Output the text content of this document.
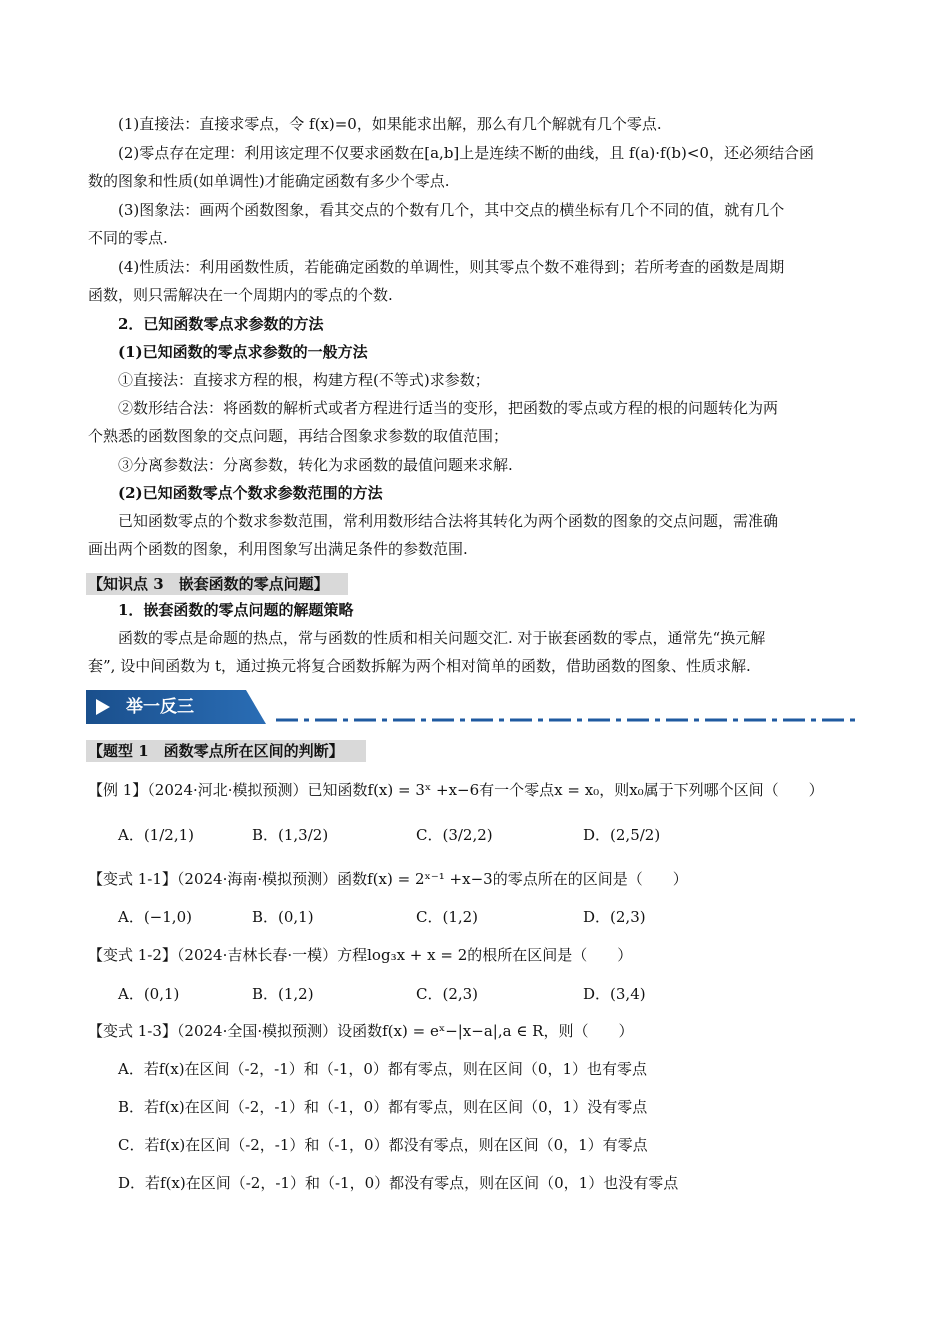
(1)直接法：直接求零点，令 f(x)=0，如果能求出解，那么有几个解就有几个零点.
(2)零点存在定理：利用该定理不仅要求函数在[a,b]上是连续不断的曲线，且 f(a)·f(b)<0，还必须结合函
数的图象和性质(如单调性)才能确定函数有多少个零点.
(3)图象法：画两个函数图象，看其交点的个数有几个，其中交点的横坐标有几个不同的值，就有几个
不同的零点.
(4)性质法：利用函数性质，若能确定函数的单调性，则其零点个数不难得到；若所考查的函数是周期
函数，则只需解决在一个周期内的零点的个数.
2．已知函数零点求参数的方法
(1)已知函数的零点求参数的一般方法
①直接法：直接求方程的根，构建方程(不等式)求参数；
②数形结合法：将函数的解析式或者方程进行适当的变形，把函数的零点或方程的根的问题转化为两
个熟悉的函数图象的交点问题，再结合图象求参数的取值范围；
③分离参数法：分离参数，转化为求函数的最值问题来求解.
(2)已知函数零点个数求参数范围的方法
已知函数零点的个数求参数范围，常利用数形结合法将其转化为两个函数的图象的交点问题，需准确
画出两个函数的图象，利用图象写出满足条件的参数范围.
【知识点 3　嵌套函数的零点问题】
1．嵌套函数的零点问题的解题策略
函数的零点是命题的热点，常与函数的性质和相关问题交汇. 对于嵌套函数的零点，通常先“换元解
套”, 设中间函数为 t，通过换元将复合函数拆解为两个相对简单的函数，借助函数的图象、性质求解.
举一反三
【题型 1　函数零点所在区间的判断】
【例 1】（2024·河北·模拟预测）已知函数f(x) = 3ˣ +x−6有一个零点x = x₀，则x₀属于下列哪个区间（　　）
A．(1/2,1)	B．(1,3/2)	C．(3/2,2)	D．(2,5/2)
【变式 1-1】（2024·海南·模拟预测）函数f(x) = 2ˣ⁻¹ +x−3的零点所在的区间是（　　）
A．(−1,0)	B．(0,1)	C．(1,2)	D．(2,3)
【变式 1-2】（2024·吉林长春·一模）方程log₃x + x = 2的根所在区间是（　　）
A．(0,1)	B．(1,2)	C．(2,3)	D．(3,4)
【变式 1-3】（2024·全国·模拟预测）设函数f(x) = eˣ−|x−a|,a ∈ R，则（　　）
A．若f(x)在区间（-2，-1）和（-1，0）都有零点，则在区间（0，1）也有零点
B．若f(x)在区间（-2，-1）和（-1，0）都有零点，则在区间（0，1）没有零点
C．若f(x)在区间（-2，-1）和（-1，0）都没有零点，则在区间（0，1）有零点
D．若f(x)在区间（-2，-1）和（-1，0）都没有零点，则在区间（0，1）也没有零点
